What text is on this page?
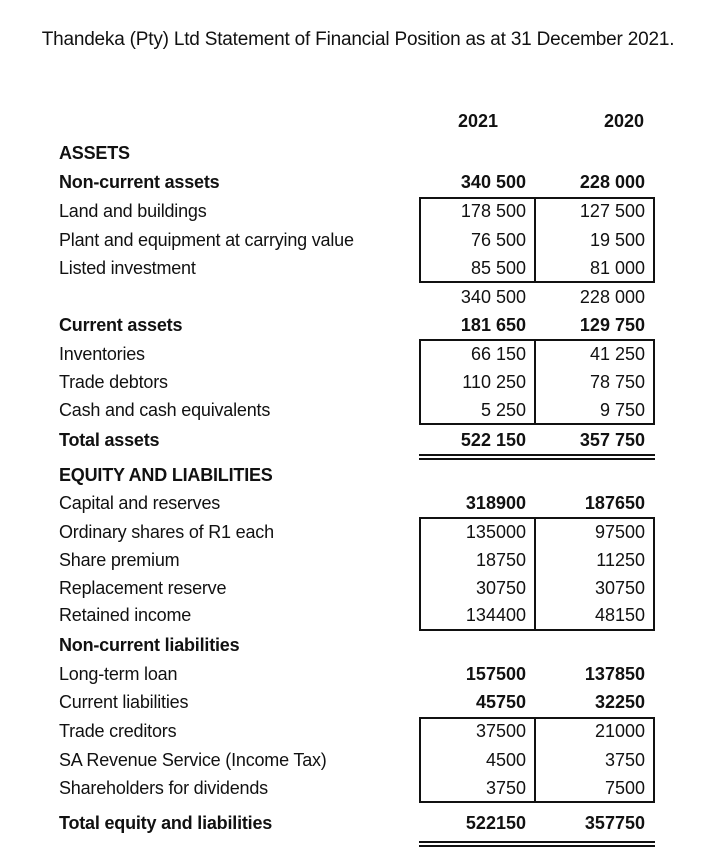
Thandeka (Pty) Ltd Statement of Financial Position as at 31 December 2021.
2021	2020
ASSETS
Non-current assets	340 500	228 000
Land and buildings	178 500	127 500
Plant and equipment at carrying value	76 500	19 500
Listed investment	85 500	81 000
340 500	228 000
Current assets	181 650	129 750
Inventories	66 150	41 250
Trade debtors	110 250	78 750
Cash and cash equivalents	5 250	9 750
Total assets	522 150	357 750
EQUITY AND LIABILITIES
Capital and reserves	318900	187650
Ordinary shares of R1 each	135000	97500
Share premium	18750	11250
Replacement reserve	30750	30750
Retained income	134400	48150
Non-current liabilities
Long-term loan	157500	137850
Current liabilities	45750	32250
Trade creditors	37500	21000
SA Revenue Service (Income Tax)	4500	3750
Shareholders for dividends	3750	7500
Total equity and liabilities	522150	357750
